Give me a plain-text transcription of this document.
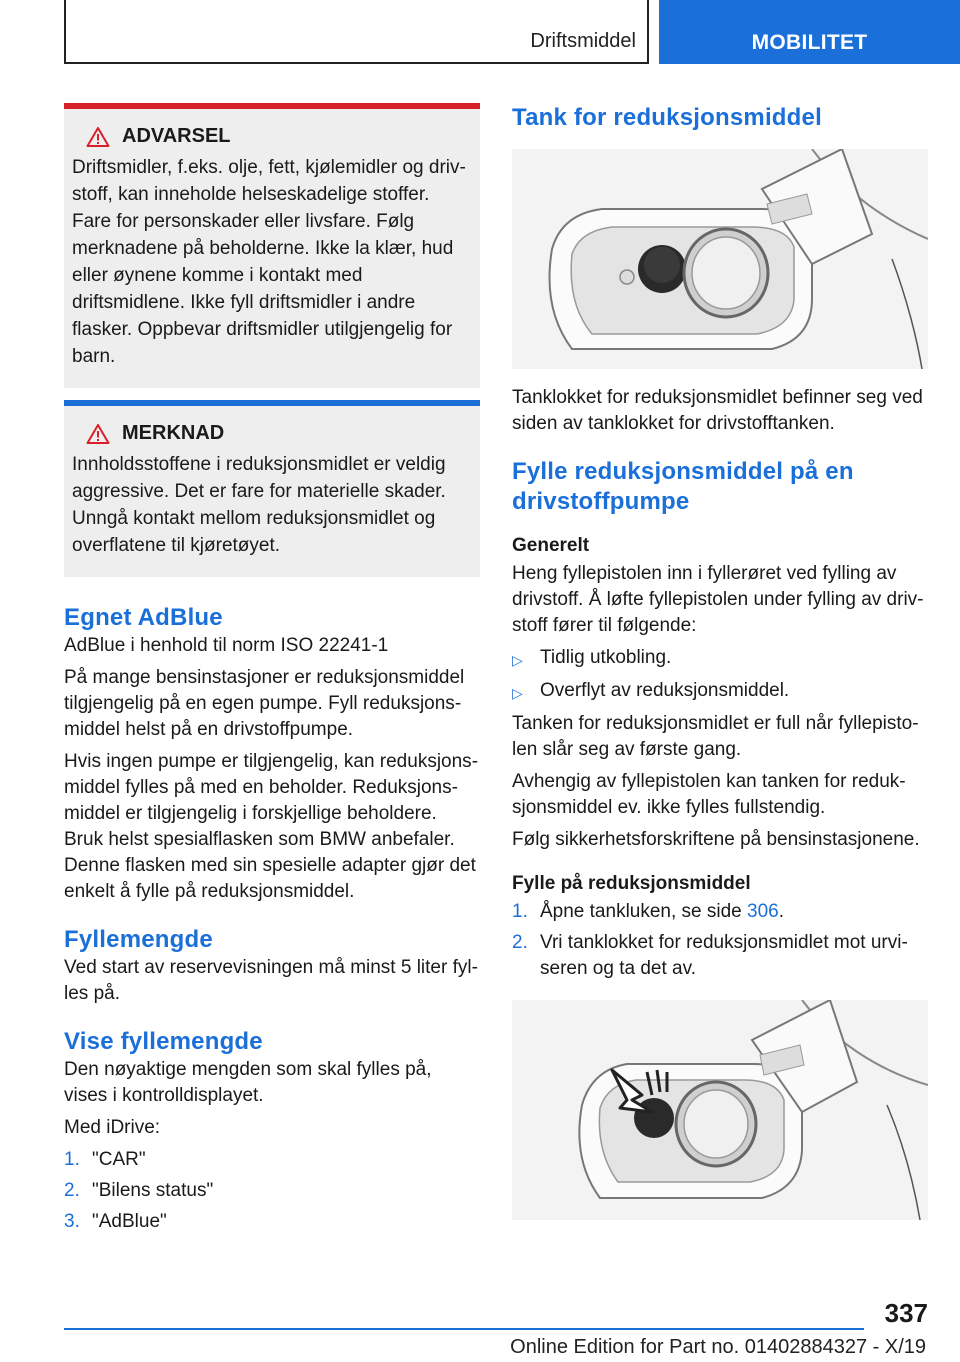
Driftsmiddel	MOBILITET
ADVARSEL
Driftsmidler, f.eks. olje, fett, kjølemidler og drivstoff, kan inneholde helseskadelige stoffer. Fare for personskader eller livsfare. Følg merknadene på beholderne. Ikke la klær, hud eller øynene komme i kontakt med driftsmidlene. Ikke fyll driftsmidler i andre flasker. Oppbevar driftsmidler utilgjengelig for barn.
MERKNAD
Innholdsstoffene i reduksjonsmidlet er veldig aggressive. Det er fare for materielle skader. Unngå kontakt mellom reduksjonsmidlet og overflatene til kjøretøyet.
Egnet AdBlue

AdBlue i henhold til norm ISO 22241-1

På mange bensinstasjoner er reduksjonsmiddel tilgjengelig på en egen pumpe. Fyll reduksjonsmiddel helst på en drivstoffpumpe.

Hvis ingen pumpe er tilgjengelig, kan reduksjonsmiddel fylles på med en beholder. Reduksjonsmiddel er tilgjengelig i forskjellige beholdere. Bruk helst spesialflasken som BMW anbefaler. Denne flasken med sin spesielle adapter gjør det enkelt å fylle på reduksjonsmiddel.

Fyllemengde

Ved start av reservevisningen må minst 5 liter fylles på.

Vise fyllemengde

Den nøyaktige mengden som skal fylles på, vises i kontrolldisplayet.

Med iDrive:

1. "CAR"
2. "Bilens status"
3. "AdBlue"
Tank for reduksjonsmiddel

Tanklokket for reduksjonsmidlet befinner seg ved siden av tanklokket for drivstofftanken.

Fylle reduksjonsmiddel på en drivstoffpumpe
Generelt

Heng fyllepistolen inn i fyllerøret ved fylling av drivstoff. Å løfte fyllepistolen under fylling av drivstoff fører til følgende:

▷ Tidlig utkobling.
▷ Overflyt av reduksjonsmiddel.

Tanken for reduksjonsmidlet er full når fyllepistolen slår seg av første gang.

Avhengig av fyllepistolen kan tanken for reduksjonsmiddel ev. ikke fylles fullstendig.

Følg sikkerhetsforskriftene på bensinstasjonene.

Fylle på reduksjonsmiddel
1. Åpne tankluken, se side 306.
2. Vri tanklokket for reduksjonsmidlet mot urviseren og ta det av.
337
Online Edition for Part no. 01402884327 - X/19
